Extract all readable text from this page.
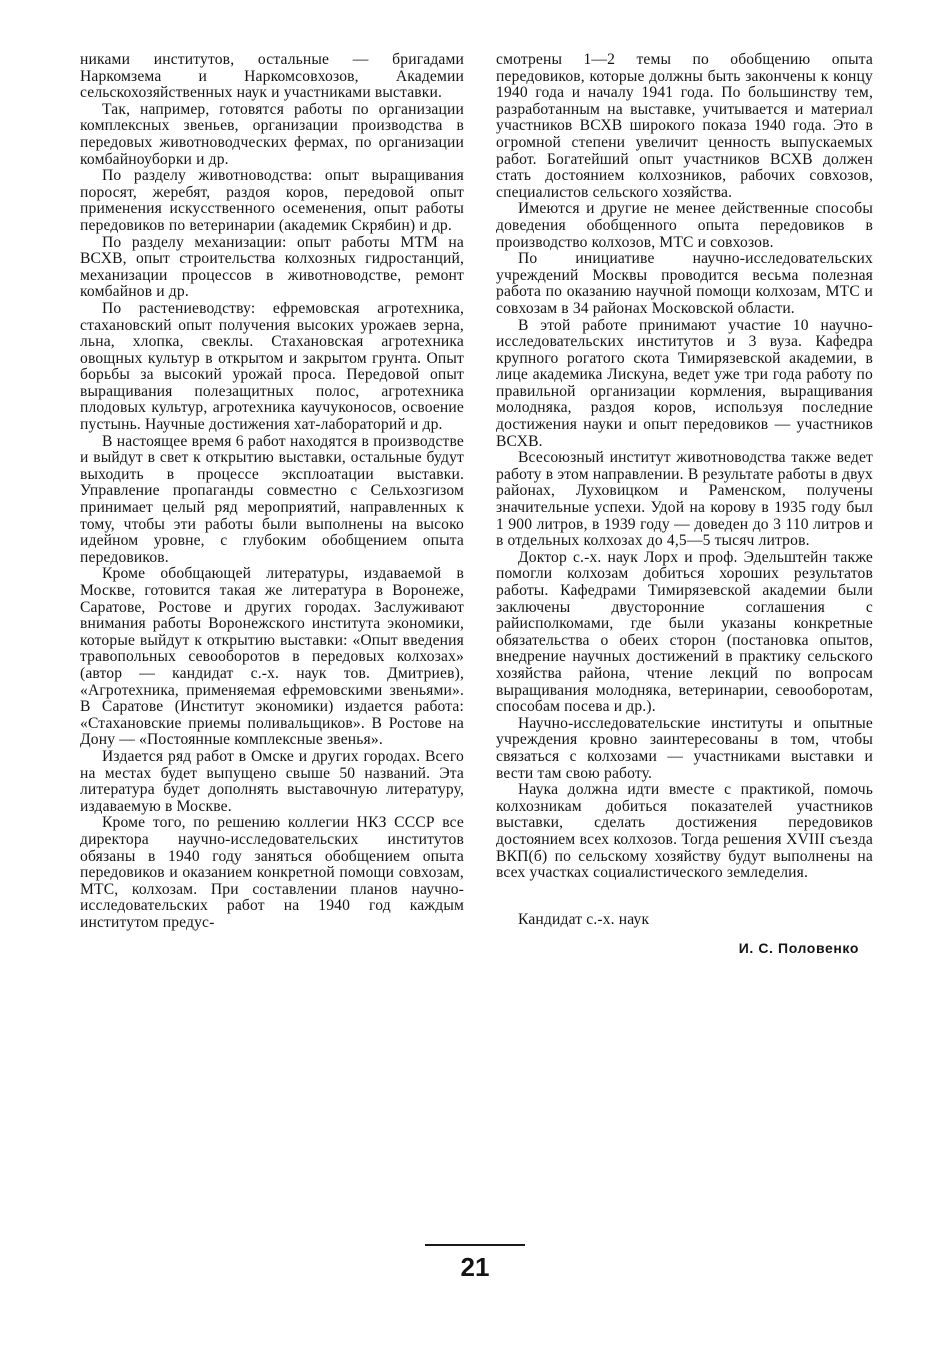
никами институтов, остальные — бригадами Наркомзема и Наркомсовхозов, Академии сельскохозяйственных наук и участниками выставки.

Так, например, готовятся работы по организации комплексных звеньев, организации производства в передовых животноводческих фермах, по организации комбайноуборки и др.

По разделу животноводства: опыт выращивания поросят, жеребят, раздоя коров, передовой опыт применения искусственного осеменения, опыт работы передовиков по ветеринарии (академик Скрябин) и др.

По разделу механизации: опыт работы МТМ на ВСХВ, опыт строительства колхозных гидростанций, механизации процессов в животноводстве, ремонт комбайнов и др.

По растениеводству: ефремовская агротехника, стахановский опыт получения высоких урожаев зерна, льна, хлопка, свеклы. Стахановская агротехника овощных культур в открытом и закрытом грунта. Опыт борьбы за высокий урожай проса. Передовой опыт выращивания полезащитных полос, агротехника плодовых культур, агротехника каучуконосов, освоение пустынь. Научные достижения хат-лабораторий и др.

В настоящее время 6 работ находятся в производстве и выйдут в свет к открытию выставки, остальные будут выходить в процессе эксплоатации выставки. Управление пропаганды совместно с Сельхозгизом принимает целый ряд мероприятий, направленных к тому, чтобы эти работы были выполнены на высоко идейном уровне, с глубоким обобщением опыта передовиков.

Кроме обобщающей литературы, издаваемой в Москве, готовится такая же литература в Воронеже, Саратове, Ростове и других городах. Заслуживают внимания работы Воронежского института экономики, которые выйдут к открытию выставки: «Опыт введения травопольных севооборотов в передовых колхозах» (автор — кандидат с.-х. наук тов. Дмитриев), «Агротехника, применяемая ефремовскими звеньями». В Саратове (Институт экономики) издается работа: «Стахановские приемы поливальщиков». В Ростове на Дону — «Постоянные комплексные звенья».

Издается ряд работ в Омске и других городах. Всего на местах будет выпущено свыше 50 названий. Эта литература будет дополнять выставочную литературу, издаваемую в Москве.

Кроме того, по решению коллегии НКЗ СССР все директора научно-исследовательских институтов обязаны в 1940 году заняться обобщением опыта передовиков и оказанием конкретной помощи совхозам, МТС, колхозам. При составлении планов научно-исследовательских работ на 1940 год каждым институтом предус-

смотрены 1—2 темы по обобщению опыта передовиков, которые должны быть закончены к концу 1940 года и началу 1941 года. По большинству тем, разработанным на выставке, учитывается и материал участников ВСХВ широкого показа 1940 года. Это в огромной степени увеличит ценность выпускаемых работ. Богатейший опыт участников ВСХВ должен стать достоянием колхозников, рабочих совхозов, специалистов сельского хозяйства.

Имеются и другие не менее действенные способы доведения обобщенного опыта передовиков в производство колхозов, МТС и совхозов.

По инициативе научно-исследовательских учреждений Москвы проводится весьма полезная работа по оказанию научной помощи колхозам, МТС и совхозам в 34 районах Московской области.

В этой работе принимают участие 10 научно-исследовательских институтов и 3 вуза. Кафедра крупного рогатого скота Тимирязевской академии, в лице академика Лискуна, ведет уже три года работу по правильной организации кормления, выращивания молодняка, раздоя коров, используя последние достижения науки и опыт передовиков — участников ВСХВ.

Всесоюзный институт животноводства также ведет работу в этом направлении. В результате работы в двух районах, Луховицком и Раменском, получены значительные успехи. Удой на корову в 1935 году был 1 900 литров, в 1939 году — доведен до 3 110 литров и в отдельных колхозах до 4,5—5 тысяч литров.

Доктор с.-х. наук Лорх и проф. Эдельштейн также помогли колхозам добиться хороших результатов работы. Кафедрами Тимирязевской академии были заключены двусторонние соглашения с райисполкомами, где были указаны конкретные обязательства о обеих сторон (постановка опытов, внедрение научных достижений в практику сельского хозяйства района, чтение лекций по вопросам выращивания молодняка, ветеринарии, севооборотам, способам посева и др.).

Научно-исследовательские институты и опытные учреждения кровно заинтересованы в том, чтобы связаться с колхозами — участниками выставки и вести там свою работу.

Наука должна идти вместе с практикой, помочь колхозникам добиться показателей участников выставки, сделать достижения передовиков достоянием всех колхозов. Тогда решения XVIII съезда ВКП(б) по сельскому хозяйству будут выполнены на всех участках социалистического земледелия.

Кандидат с.-х. наук

И. С. Половенко
21
